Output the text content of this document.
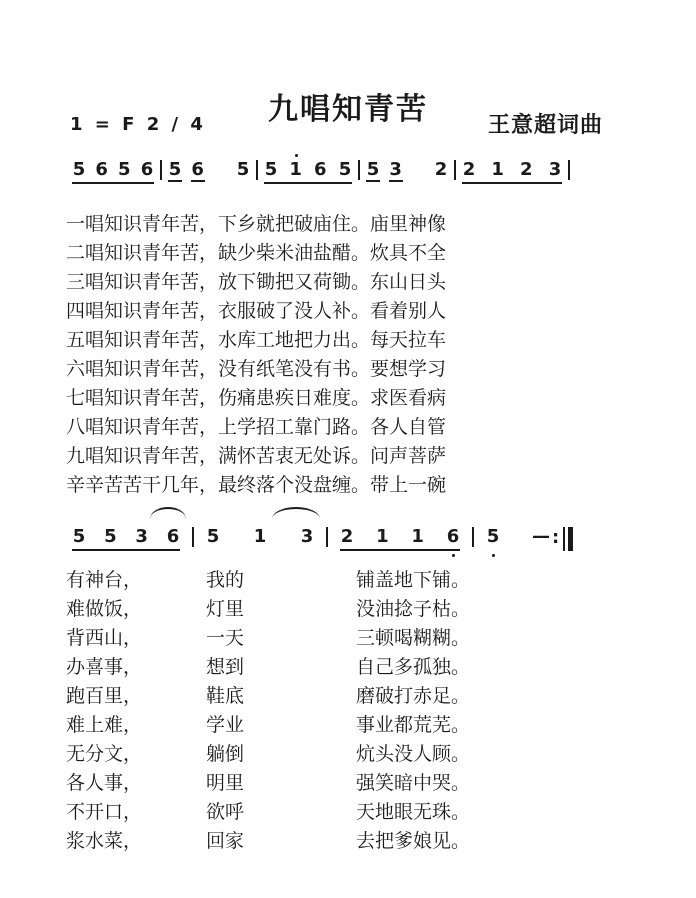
九唱知青苦
1 = F 2 / 4	王意超词曲
5 6 5 6 5 6 5 5 1 6 5 5 3 2 2 1 2 3
一唱知识青年苦，下乡就把破庙住。庙里神像
二唱知识青年苦，缺少柴米油盐醋。炊具不全
三唱知识青年苦，放下锄把又荷锄。东山日头
四唱知识青年苦，衣服破了没人补。看着别人
五唱知识青年苦，水库工地把力出。每天拉车
六唱知识青年苦，没有纸笔没有书。要想学习
七唱知识青年苦，伤痛患疾日难度。求医看病
八唱知识青年苦，上学招工靠门路。各人自管
九唱知识青年苦，满怀苦衷无处诉。问声菩萨
辛辛苦苦干几年，最终落个没盘缠。带上一碗
5 5 3 6 5 1 3 2 1 1 6 5 — :
有神台，	我的	铺盖地下铺。
难做饭，	灯里	没油捻子枯。
背西山，	一天	三顿喝糊糊。
办喜事，	想到	自己多孤独。
跑百里，	鞋底	磨破打赤足。
难上难，	学业	事业都荒芜。
无分文，	躺倒	炕头没人顾。
各人事，	明里	强笑暗中哭。
不开口，	欲呼	天地眼无珠。
浆水菜，	回家	去把爹娘见。
